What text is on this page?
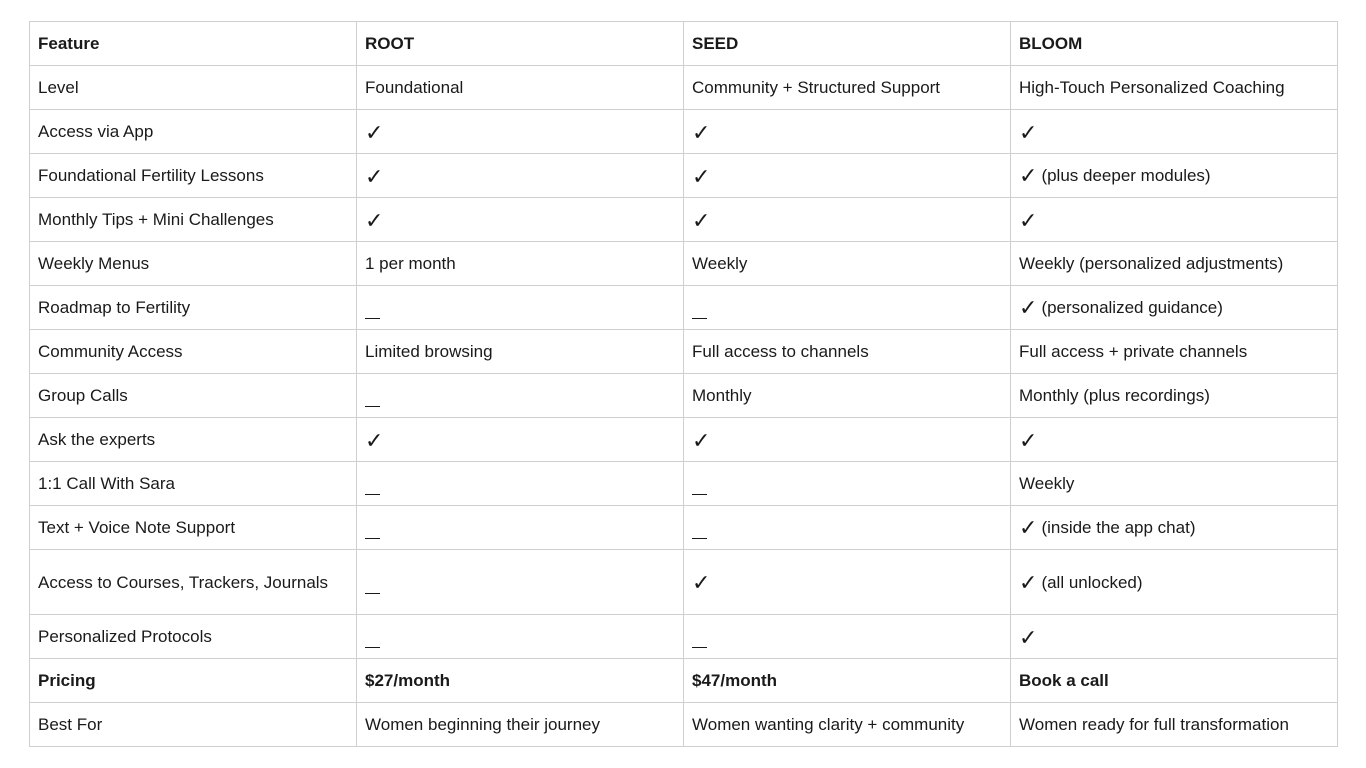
Feature	ROOT	SEED	BLOOM
Level	Foundational	Community + Structured Support	High-Touch Personalized Coaching
Access via App	✓	✓	✓
Foundational Fertility Lessons	✓	✓	✓ (plus deeper modules)
Monthly Tips + Mini Challenges	✓	✓	✓
Weekly Menus	1 per month	Weekly	Weekly (personalized adjustments)
Roadmap to Fertility			✓ (personalized guidance)
Community Access	Limited browsing	Full access to channels	Full access + private channels
Group Calls		Monthly	Monthly (plus recordings)
Ask the experts	✓	✓	✓
1:1 Call With Sara			Weekly
Text + Voice Note Support			✓ (inside the app chat)
Access to Courses, Trackers, Journals		✓	✓ (all unlocked)
Personalized Protocols			✓
Pricing	$27/month	$47/month	Book a call
Best For	Women beginning their journey	Women wanting clarity + community	Women ready for full transformation
